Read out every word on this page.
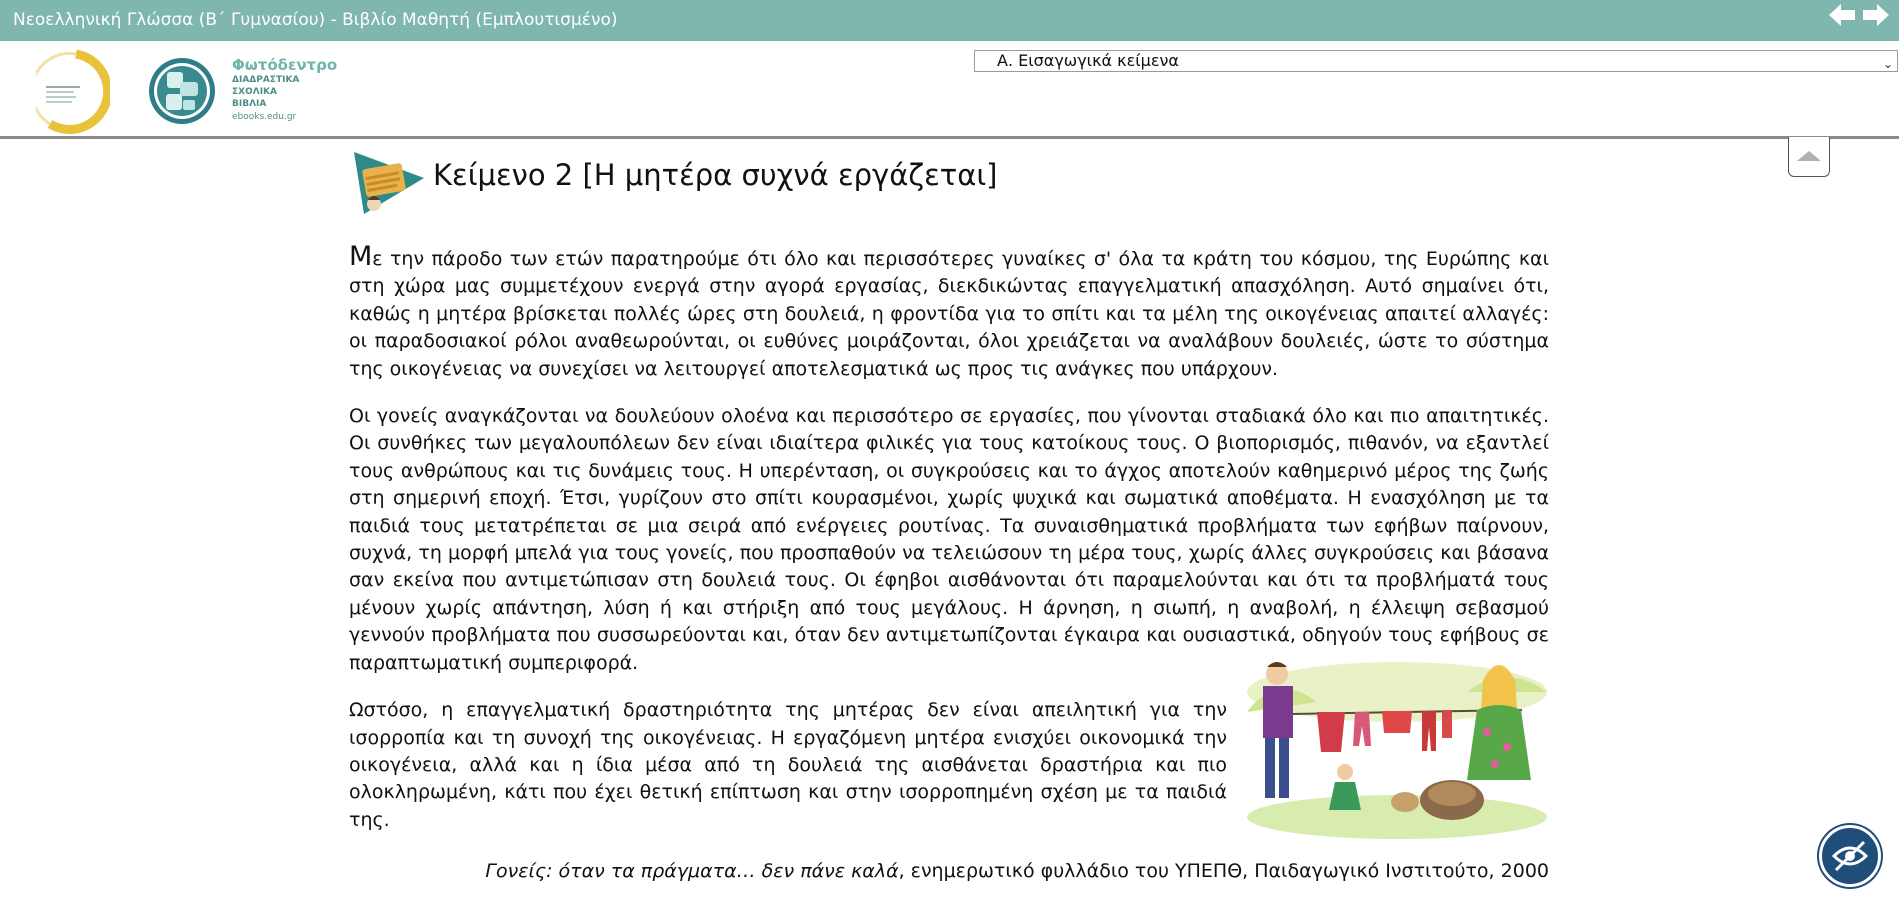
Νεοελληνική Γλώσσα (Β΄ Γυμνασίου) - Βιβλίο Μαθητή (Εμπλουτισμένο)
Φωτόδεντρο
ΔΙΑΔΡΑΣΤΙΚΑ
ΣΧΟΛΙΚΑ
ΒΙΒΛΙΑ
ebooks.edu.gr
Α. Εισαγωγικά κείμενα	⌄
Κείμενο 2 [Η μητέρα συχνά εργάζεται]

Με την πάροδο των ετών παρατηρούμε ότι όλο και περισσότερες γυναίκες σ' όλα τα κράτη του κόσμου, της Ευρώπης και στη χώρα μας συμμετέχουν ενεργά στην αγορά εργασίας, διεκδικώντας επαγγελματική απασχόληση. Αυτό σημαίνει ότι, καθώς η μητέρα βρίσκεται πολλές ώρες στη δουλειά, η φροντίδα για το σπίτι και τα μέλη της οικογένειας απαιτεί αλλαγές: οι παραδοσιακοί ρόλοι αναθεωρούνται, οι ευθύνες μοιράζονται, όλοι χρειάζεται να αναλάβουν δουλειές, ώστε το σύστημα της οικογένειας να συνεχίσει να λειτουργεί αποτελεσματικά ως προς τις ανάγκες που υπάρχουν.

Οι γονείς αναγκάζονται να δουλεύουν ολοένα και περισσότερο σε εργασίες, που γίνονται σταδιακά όλο και πιο απαιτητικές. Οι συνθήκες των μεγαλουπόλεων δεν είναι ιδιαίτερα φιλικές για τους κατοίκους τους. Ο βιοπορισμός, πιθανόν, να εξαντλεί τους ανθρώπους και τις δυνάμεις τους. Η υπερένταση, οι συγκρούσεις και το άγχος αποτελούν καθημερινό μέρος της ζωής στη σημερινή εποχή. Έτσι, γυρίζουν στο σπίτι κουρασμένοι, χωρίς ψυχικά και σωματικά αποθέματα. Η ενασχόληση με τα παιδιά τους μετατρέπεται σε μια σειρά από ενέργειες ρουτίνας. Τα συναισθηματικά προβλήματα των εφήβων παίρνουν, συχνά, τη μορφή μπελά για τους γονείς, που προσπαθούν να τελειώσουν τη μέρα τους, χωρίς άλλες συγκρούσεις και βάσανα σαν εκείνα που αντιμετώπισαν στη δουλειά τους. Οι έφηβοι αισθάνονται ότι παραμελούνται και ότι τα προβλήματά τους μένουν χωρίς απάντηση, λύση ή και στήριξη από τους μεγάλους. Η άρνηση, η σιωπή, η αναβολή, η έλλειψη σεβασμού γεννούν προβλήματα που συσσωρεύονται και, όταν δεν αντιμετωπίζονται έγκαιρα και ουσιαστικά, οδηγούν τους εφήβους σε παραπτωματική συμπεριφορά.

Ωστόσο, η επαγγελματική δραστηριότητα της μητέρας δεν είναι απειλητική για την ισορροπία και τη συνοχή της οικογένειας. Η εργαζόμενη μητέρα ενισχύει οικονομικά την οικογένεια, αλλά και η ίδια μέσα από τη δουλειά της αισθάνεται δραστήρια και πιο ολοκληρωμένη, κάτι που έχει θετική επίπτωση και στην ισορροπημένη σχέση με τα παιδιά της.

Γονείς: όταν τα πράγματα… δεν πάνε καλά, ενημερωτικό φυλλάδιο του ΥΠΕΠΘ, Παιδαγωγικό Ινστιτούτο, 2000
